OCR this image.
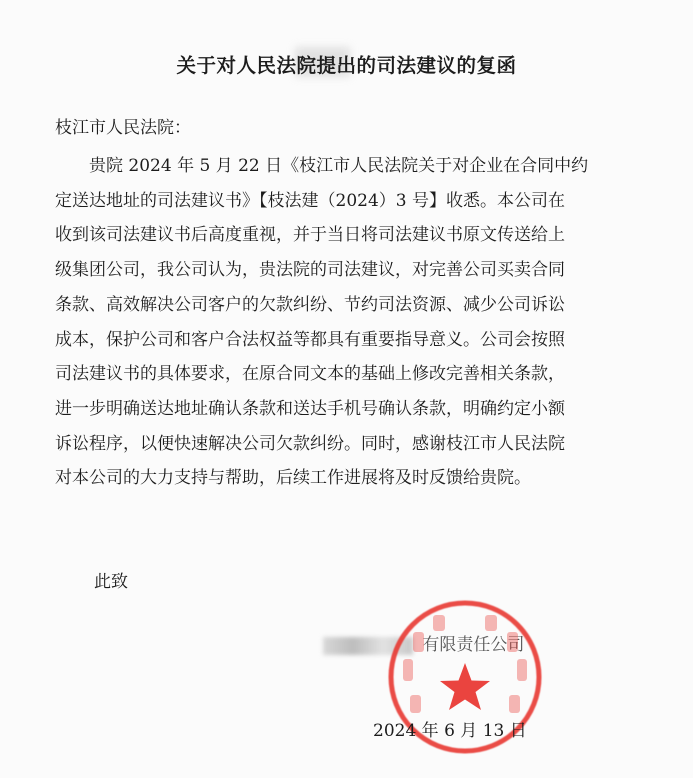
关于对人民法院提出的司法建议的复函
枝江市人民法院：
贵院 2024 年 5 月 22 日《枝江市人民法院关于对企业在合同中约
定送达地址的司法建议书》【枝法建（2024）3 号】收悉。本公司在
收到该司法建议书后高度重视，并于当日将司法建议书原文传送给上
级集团公司，我公司认为，贵法院的司法建议，对完善公司买卖合同
条款、高效解决公司客户的欠款纠纷、节约司法资源、减少公司诉讼
成本，保护公司和客户合法权益等都具有重要指导意义。公司会按照
司法建议书的具体要求，在原合同文本的基础上修改完善相关条款，
进一步明确送达地址确认条款和送达手机号确认条款，明确约定小额
诉讼程序，以便快速解决公司欠款纠纷。同时，感谢枝江市人民法院
对本公司的大力支持与帮助，后续工作进展将及时反馈给贵院。
此致
有限责任公司
2024 年 6 月 13 日
